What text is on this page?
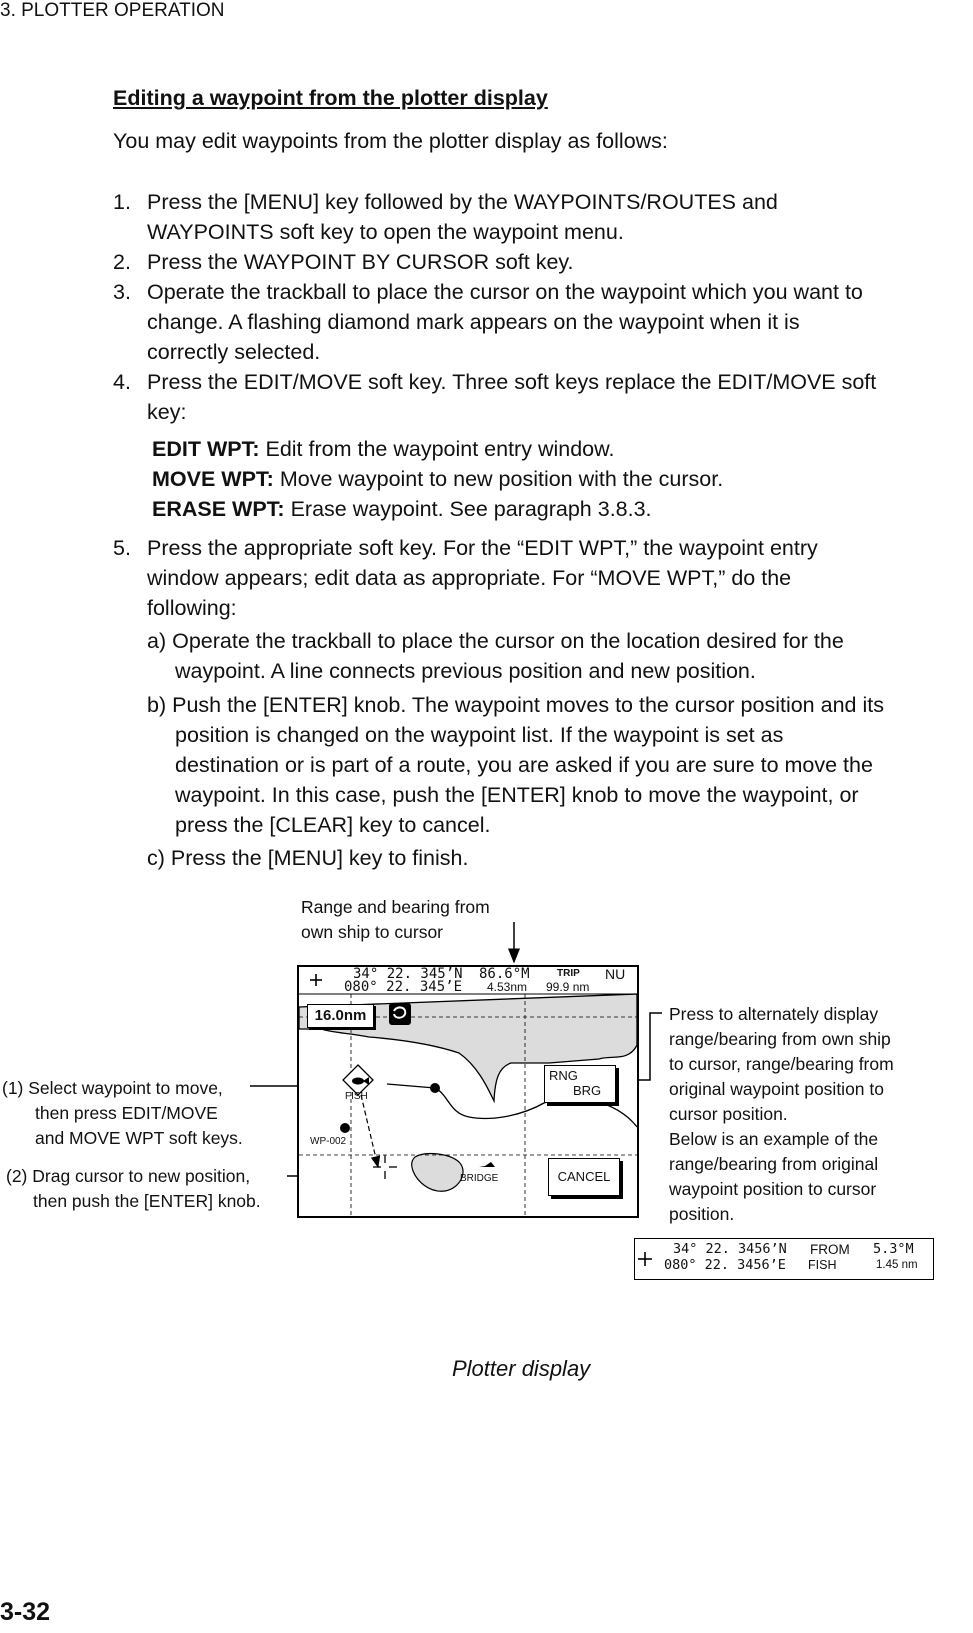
3. PLOTTER OPERATION
Editing a waypoint from the plotter display
You may edit waypoints from the plotter display as follows:
1. Press the [MENU] key followed by the WAYPOINTS/ROUTES and
WAYPOINTS soft key to open the waypoint menu.
2. Press the WAYPOINT BY CURSOR soft key.
3. Operate the trackball to place the cursor on the waypoint which you want to
change. A flashing diamond mark appears on the waypoint when it is
correctly selected.
4. Press the EDIT/MOVE soft key. Three soft keys replace the EDIT/MOVE soft
key:
EDIT WPT: Edit from the waypoint entry window.
MOVE WPT: Move waypoint to new position with the cursor.
ERASE WPT: Erase waypoint. See paragraph 3.8.3.
5. Press the appropriate soft key. For the “EDIT WPT,” the waypoint entry
window appears; edit data as appropriate. For “MOVE WPT,” do the
following:
a) Operate the trackball to place the cursor on the location desired for the
waypoint. A line connects previous position and new position.
b) Push the [ENTER] knob. The waypoint moves to the cursor position and its
position is changed on the waypoint list. If the waypoint is set as
destination or is part of a route, you are asked if you are sure to move the
waypoint. In this case, push the [ENTER] knob to move the waypoint, or
press the [CLEAR] key to cancel.
c) Press the [MENU] key to finish.
Range and bearing from
own ship to cursor
(1) Select waypoint to move,
then press EDIT/MOVE
and MOVE WPT soft keys.
(2) Drag cursor to new position,
then push the [ENTER] knob.
Press to alternately display
range/bearing from own ship
to cursor, range/bearing from
original waypoint position to
cursor position.
Below is an example of the
range/bearing from original
waypoint position to cursor
position.
34° 22. 345’N
080° 22. 345’E
86.6°M
4.53nm
TRIP
99.9 nm
NU
16.0nm
FISH
WP-002
BRIDGE
RNG
BRG
CANCEL
34° 22. 3456’N
080° 22. 3456’E
FROM
FISH
5.3°M
1.45 nm
Plotter display
3-32
